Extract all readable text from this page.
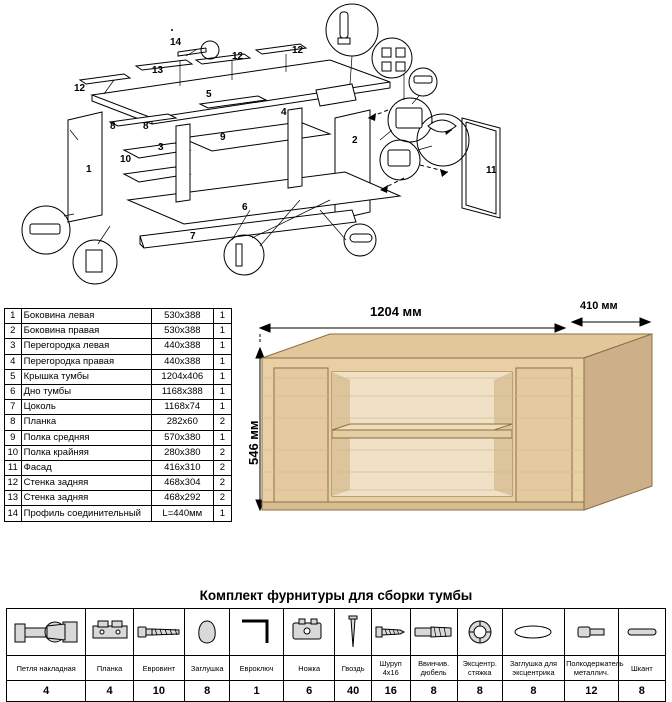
14
13
12
12
12
5
4
8	8
2
9
3
10
1
6
7
11
1	Боковина левая	530х388	1
2	Боковина правая	530х388	1
3	Перегородка левая	440х388	1
4	Перегородка правая	440х388	1
5	Крышка тумбы	1204х406	1
6	Дно тумбы	1168х388	1
7	Цоколь	1168х74	1
8	Планка	282х60	2
9	Полка средняя	570х380	1
10	Полка крайняя	280х380	2
11	Фасад	416х310	2
12	Стенка задняя	468х304	2
13	Стенка задняя	468х292	2
14	Профиль соединительный	L=440мм	1
1204 мм	410 мм
546 мм
Комплект фурнитуры для сборки тумбы

Петля накладная	Планка	Евровинт	Заглушка	Евроключ	Ножка	Гвоздь	Шуруп 4х16	Ввинчив. дюбель	Эксцентр. стяжка	Заглушка для эксцентрика	Полкодержатель металлич.	Шкант
4	4	10	8	1	6	40	16	8	8	8	12	8
